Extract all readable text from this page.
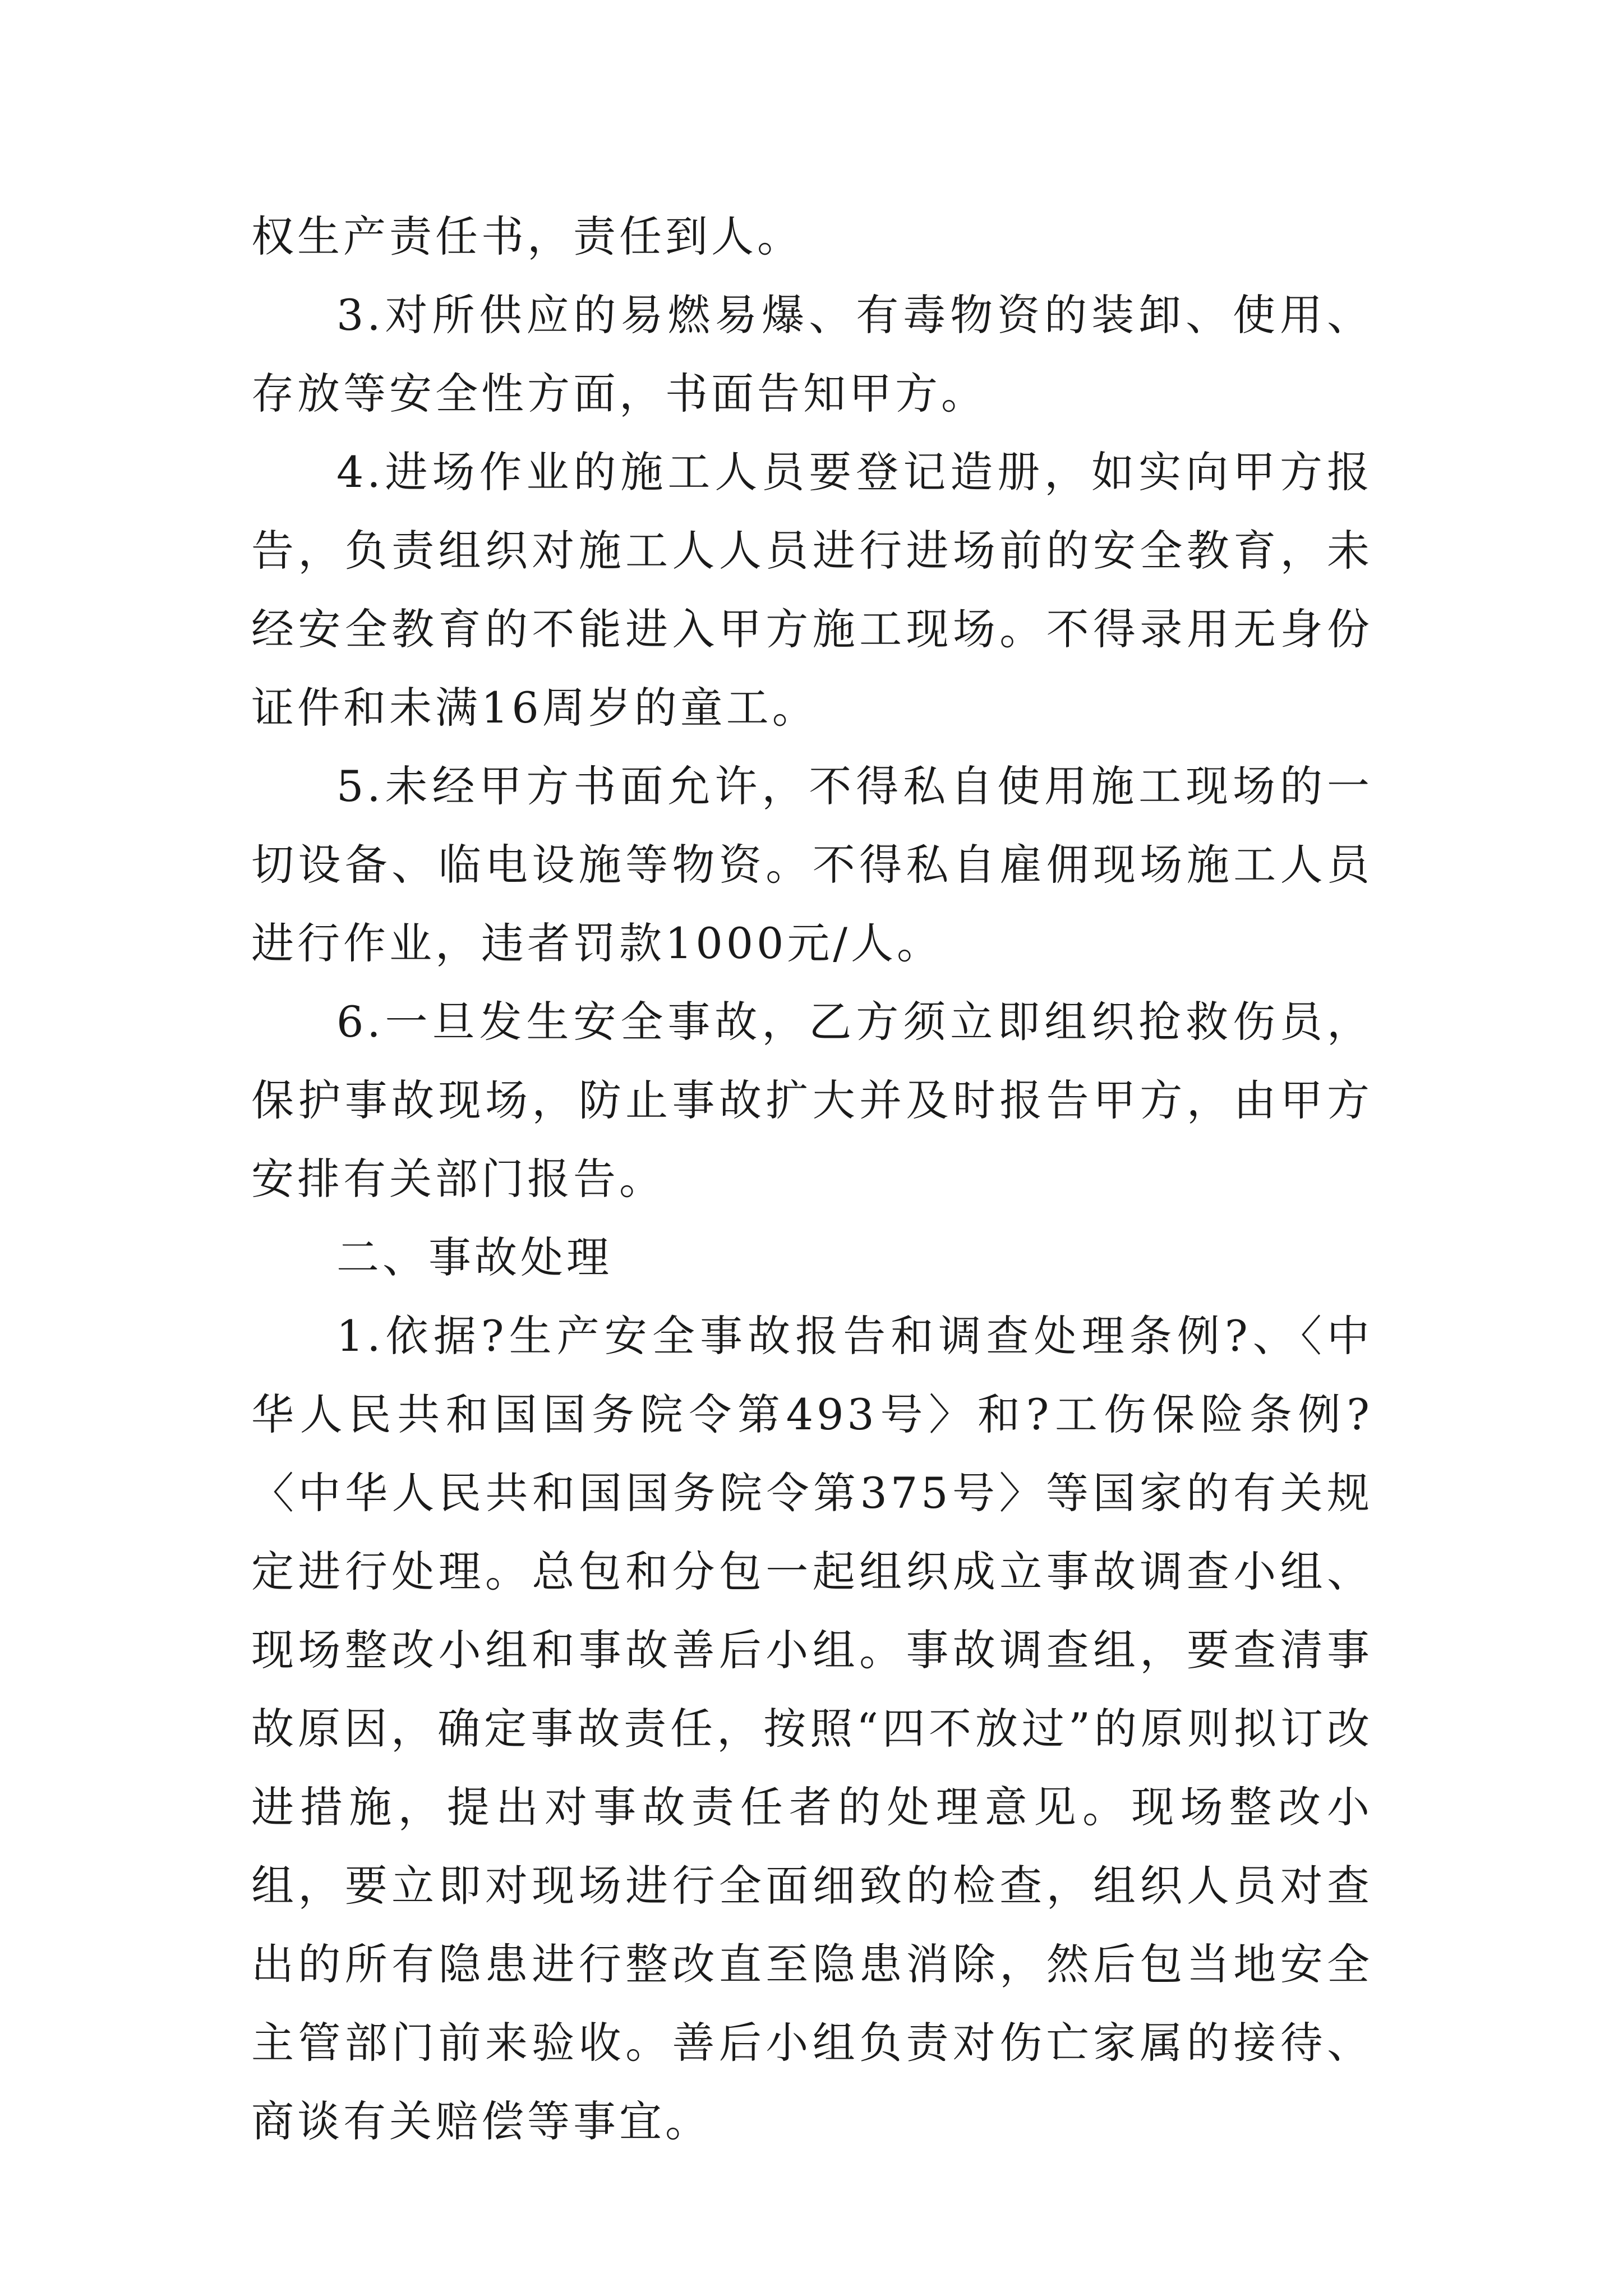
权生产责任书，责任到人。

3.对所供应的易燃易爆、有毒物资的装卸、使用、存放等安全性方面，书面告知甲方。

4.进场作业的施工人员要登记造册，如实向甲方报告，负责组织对施工人人员进行进场前的安全教育，未经安全教育的不能进入甲方施工现场。不得录用无身份证件和未满16周岁的童工。

5.未经甲方书面允许，不得私自使用施工现场的一切设备、临电设施等物资。不得私自雇佣现场施工人员进行作业，违者罚款1000元/人。

6.一旦发生安全事故，乙方须立即组织抢救伤员，保护事故现场，防止事故扩大并及时报告甲方，由甲方安排有关部门报告。

二、事故处理

1.依据?生产安全事故报告和调查处理条例?、〈中华人民共和国国务院令第493号〉和?工伤保险条例?〈中华人民共和国国务院令第375号〉等国家的有关规定进行处理。总包和分包一起组织成立事故调查小组、现场整改小组和事故善后小组。事故调查组，要查清事故原因，确定事故责任，按照“四不放过”的原则拟订改进措施，提出对事故责任者的处理意见。现场整改小组，要立即对现场进行全面细致的检查，组织人员对查出的所有隐患进行整改直至隐患消除，然后包当地安全主管部门前来验收。善后小组负责对伤亡家属的接待、商谈有关赔偿等事宜。
